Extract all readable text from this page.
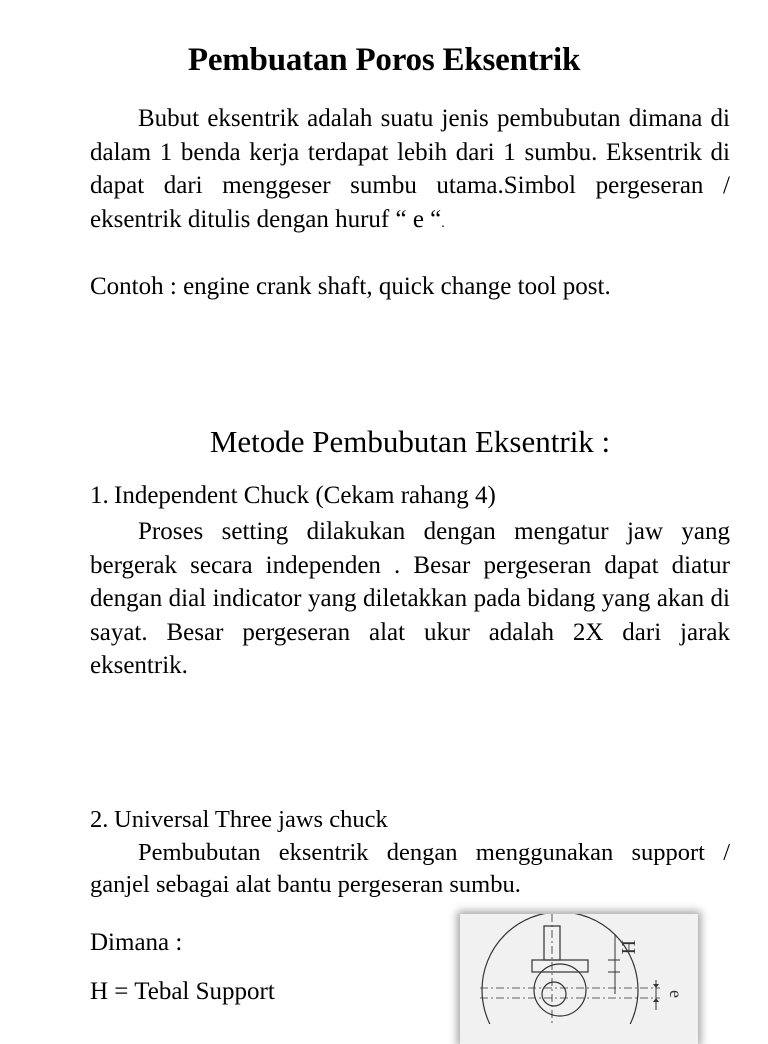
Pembuatan Poros Eksentrik

Bubut eksentrik adalah suatu jenis pembubutan dimana di dalam 1 benda kerja terdapat lebih dari 1 sumbu. Eksentrik di dapat dari menggeser sumbu utama.Simbol pergeseran / eksentrik ditulis dengan huruf “ e “.

Contoh : engine crank shaft, quick change tool post.
Metode Pembubutan Eksentrik :
1. Independent Chuck (Cekam rahang 4)

Proses setting dilakukan dengan mengatur jaw yang bergerak secara independen . Besar pergeseran dapat diatur dengan dial indicator yang diletakkan pada bidang yang akan di sayat. Besar pergeseran alat ukur adalah 2X dari jarak eksentrik.

2. Universal Three jaws chuck

Pembubutan eksentrik dengan menggunakan support / ganjel sebagai alat bantu pergeseran sumbu.

Dimana :
H = Tebal Support
H
e
